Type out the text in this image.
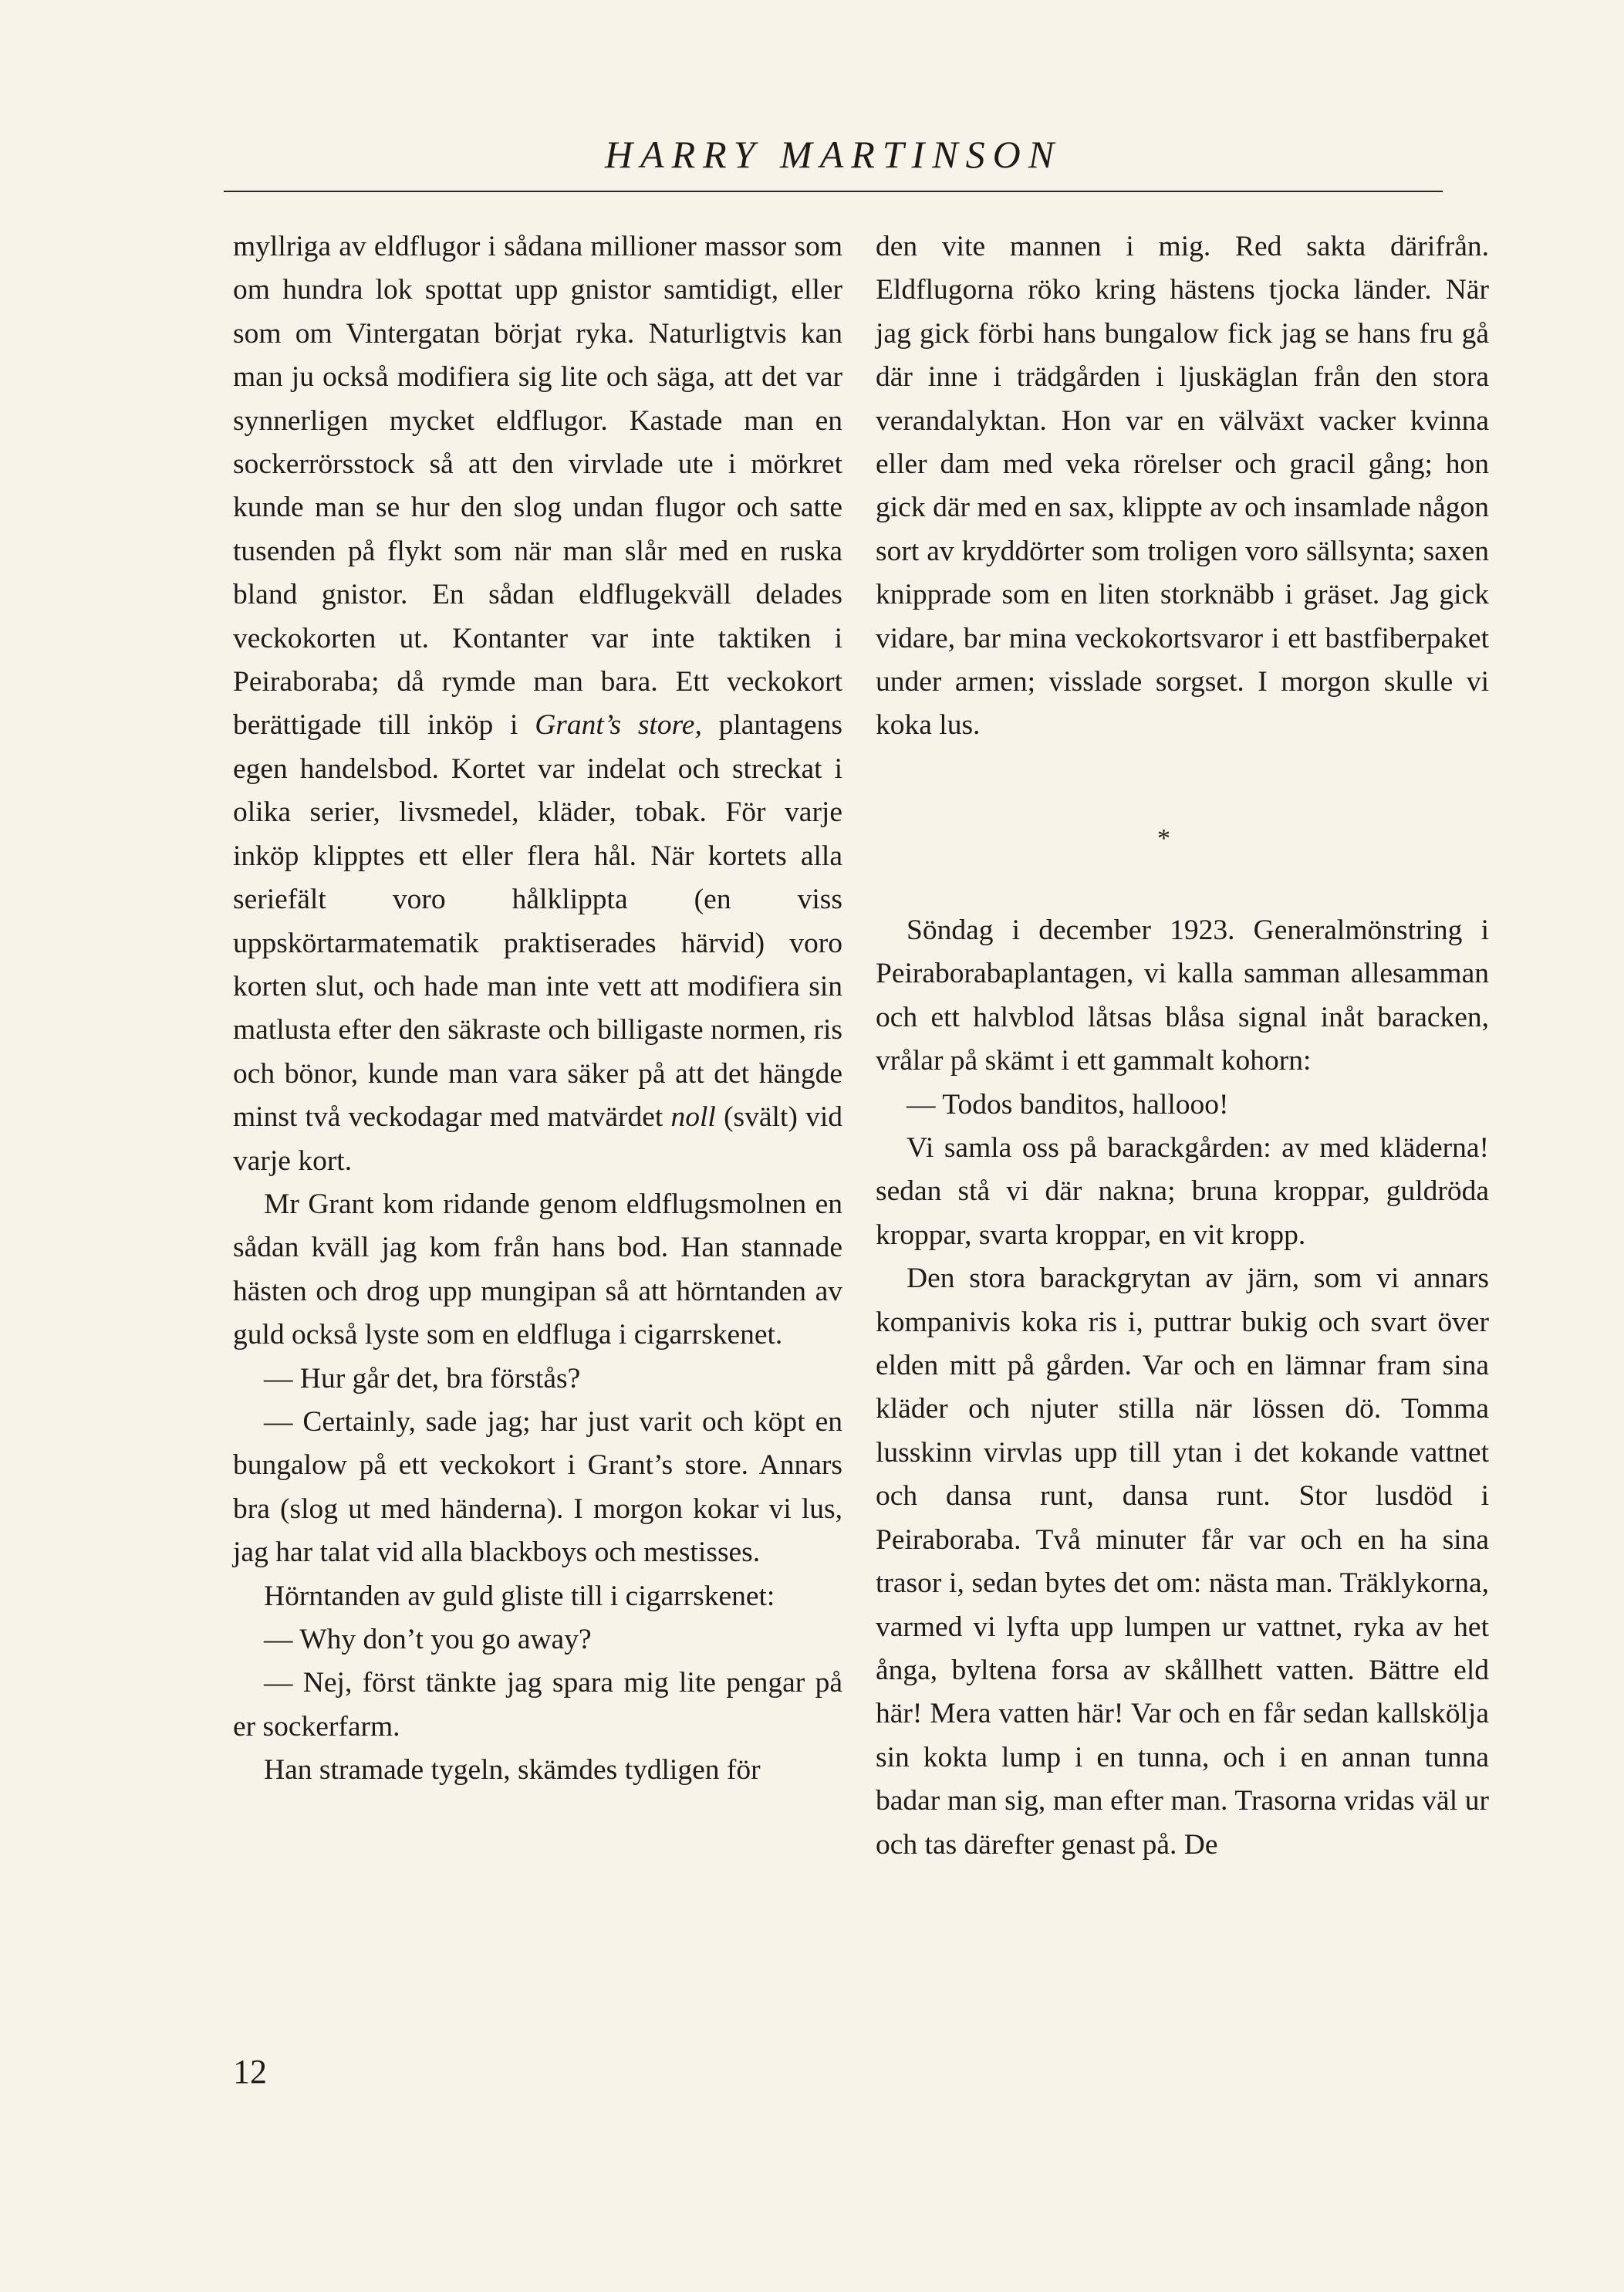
HARRY MARTINSON

myllriga av eldflugor i sådana millioner massor som om hundra lok spottat upp gnistor samtidigt, eller som om Vintergatan börjat ryka. Naturligtvis kan man ju också modifiera sig lite och säga, att det var synnerligen mycket eldflugor. Kastade man en sockerrörsstock så att den virvlade ute i mörkret kunde man se hur den slog undan flugor och satte tusenden på flykt som när man slår med en ruska bland gnistor. En sådan eldflugekväll delades veckokorten ut. Kontanter var inte taktiken i Peiraboraba; då rymde man bara. Ett veckokort berättigade till inköp i Grant’s store, plantagens egen handelsbod. Kortet var indelat och streckat i olika serier, livsmedel, kläder, tobak. För varje inköp klipptes ett eller flera hål. När kortets alla seriefält voro hålklippta (en viss uppskörtarmatematik praktiserades härvid) voro korten slut, och hade man inte vett att modifiera sin matlusta efter den säkraste och billigaste normen, ris och bönor, kunde man vara säker på att det hängde minst två veckodagar med matvärdet noll (svält) vid varje kort.

Mr Grant kom ridande genom eldflugsmolnen en sådan kväll jag kom från hans bod. Han stannade hästen och drog upp mungipan så att hörntanden av guld också lyste som en eldfluga i cigarrskenet.

— Hur går det, bra förstås?

— Certainly, sade jag; har just varit och köpt en bungalow på ett veckokort i Grant’s store. Annars bra (slog ut med händerna). I morgon kokar vi lus, jag har talat vid alla blackboys och mestisses.

Hörntanden av guld gliste till i cigarrskenet:

— Why don’t you go away?

— Nej, först tänkte jag spara mig lite pengar på er sockerfarm.

Han stramade tygeln, skämdes tydligen för

den vite mannen i mig. Red sakta därifrån. Eldflugorna röko kring hästens tjocka länder. När jag gick förbi hans bungalow fick jag se hans fru gå där inne i trädgården i ljuskäglan från den stora verandalyktan. Hon var en välväxt vacker kvinna eller dam med veka rörelser och gracil gång; hon gick där med en sax, klippte av och insamlade någon sort av kryddörter som troligen voro sällsynta; saxen knipprade som en liten storknäbb i gräset. Jag gick vidare, bar mina veckokortsvaror i ett bastfiberpaket under armen; visslade sorgset. I morgon skulle vi koka lus.

*

Söndag i december 1923. Generalmönstring i Peiraborabaplantagen, vi kalla samman allesamman och ett halvblod låtsas blåsa signal inåt baracken, vrålar på skämt i ett gammalt kohorn:

— Todos banditos, hallooo!

Vi samla oss på barackgården: av med kläderna! sedan stå vi där nakna; bruna kroppar, guldröda kroppar, svarta kroppar, en vit kropp.

Den stora barackgrytan av järn, som vi annars kompanivis koka ris i, puttrar bukig och svart över elden mitt på gården. Var och en lämnar fram sina kläder och njuter stilla när lössen dö. Tomma lusskinn virvlas upp till ytan i det kokande vattnet och dansa runt, dansa runt. Stor lusdöd i Peiraboraba. Två minuter får var och en ha sina trasor i, sedan bytes det om: nästa man. Träklykorna, varmed vi lyfta upp lumpen ur vattnet, ryka av het ånga, byltena forsa av skållhett vatten. Bättre eld här! Mera vatten här! Var och en får sedan kallskölja sin kokta lump i en tunna, och i en annan tunna badar man sig, man efter man. Trasorna vridas väl ur och tas därefter genast på. De

12
